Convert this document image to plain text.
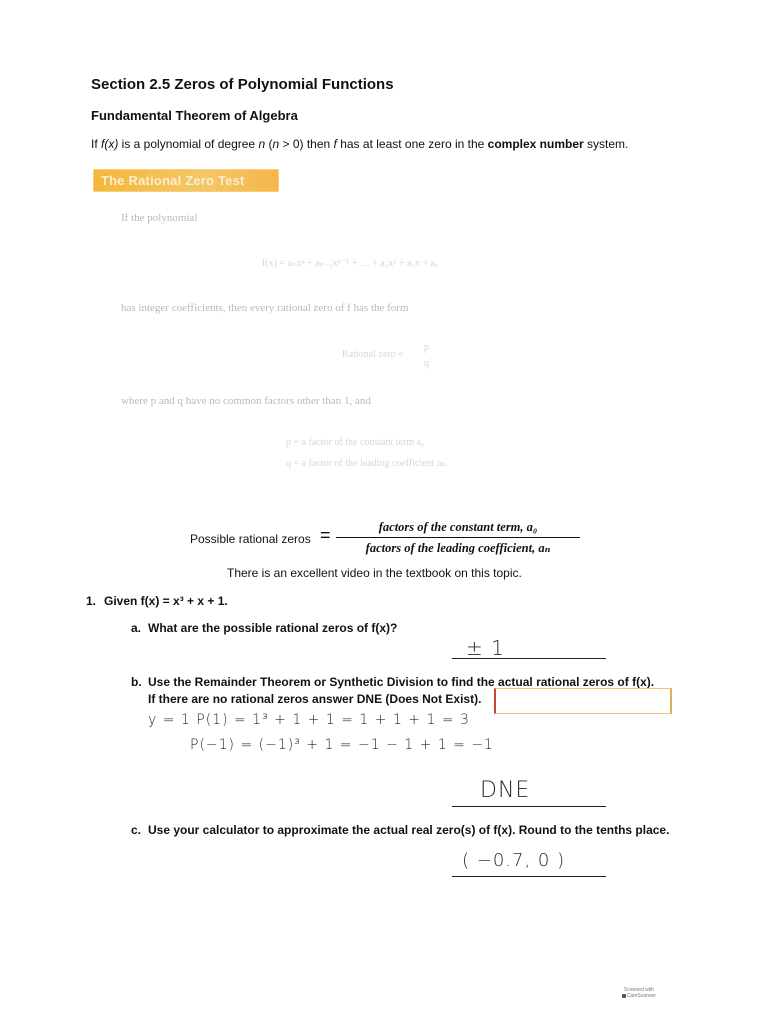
Section 2.5 Zeros of Polynomial Functions
Fundamental Theorem of Algebra
If f(x) is a polynomial of degree n (n > 0) then f has at least one zero in the complex number system.
The Rational Zero Test
If the polynomial
f(x) = aₙxⁿ + aₙ₋₁xⁿ⁻¹ + … + a₂x² + a₁x + a₀
has integer coefficients, then every rational zero of f has the form
Rational zero =
p
q
where p and q have no common factors other than 1, and
p = a factor of the constant term a₀
q = a factor of the leading coefficient aₙ.
Possible rational zeros =	factors of the constant term, a₀
factors of the leading coefficient, aₙ
There is an excellent video in the textbook on this topic.
1. Given f(x) = x³ + x + 1.
a. What are the possible rational zeros of f(x)?
± 1
b. Use the Remainder Theorem or Synthetic Division to find the actual rational zeros of f(x).
If there are no rational zeros answer DNE (Does Not Exist).
y = 1 P(1) = 1³ + 1 + 1 = 1 + 1 + 1 = 3
P(−1) = (−1)³ + 1 = −1 − 1 + 1 = −1
DNE
c. Use your calculator to approximate the actual real zero(s) of f(x). Round to the tenths place.
( −0.7, 0 )
Scanned with
CamScanner
